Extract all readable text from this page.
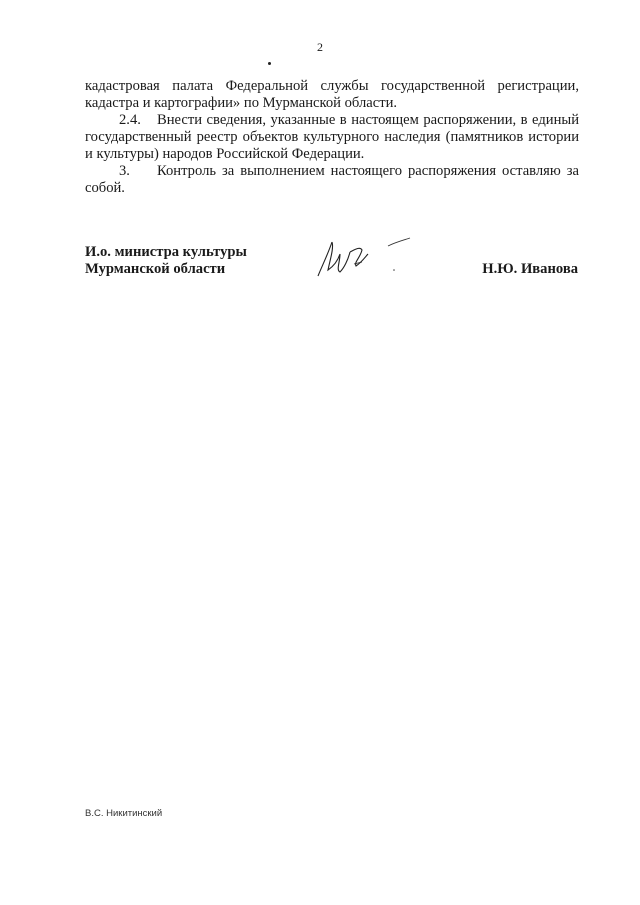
2

кадастровая палата Федеральной службы государственной регистрации, кадастра и картографии» по Мурманской области.

2.4. Внести сведения, указанные в настоящем распоряжении, в единый государственный реестр объектов культурного наследия (памятников истории и культуры) народов Российской Федерации.

3. Контроль за выполнением настоящего распоряжения оставляю за собой.

И.о. министра культуры
Мурманской области	Н.Ю. Иванова
В.С. Никитинский
